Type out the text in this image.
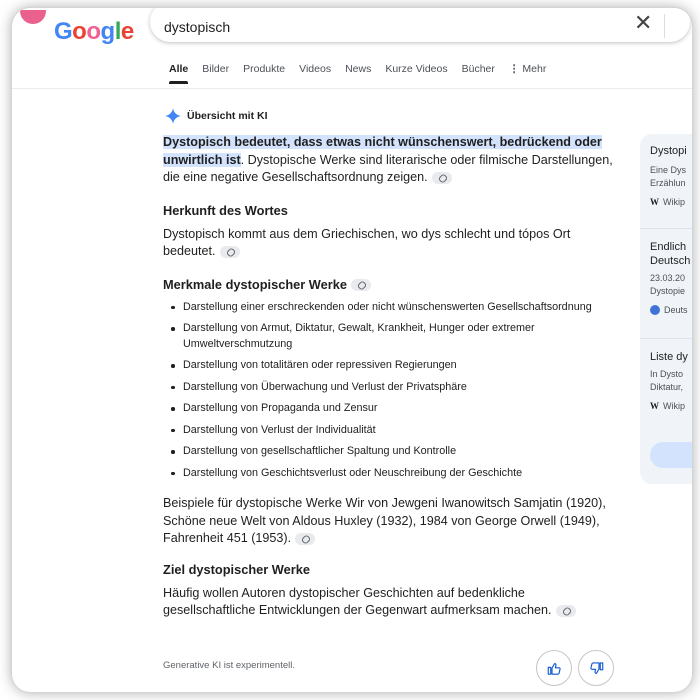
Google
dystopisch	✕
Alle	Bilder	Produkte	Videos	News	Kurze Videos	Bücher	⋮ Mehr
Übersicht mit KI

Dystopisch bedeutet, dass etwas nicht wünschenswert, bedrückend oder unwirtlich ist. Dystopische Werke sind literarische oder filmische Darstellungen, die eine negative Gesellschaftsordnung zeigen.

Herkunft des Wortes

Dystopisch kommt aus dem Griechischen, wo dys schlecht und tópos Ort bedeutet.

Merkmale dystopischer Werke

Darstellung einer erschreckenden oder nicht wünschenswerten Gesellschaftsordnung
Darstellung von Armut, Diktatur, Gewalt, Krankheit, Hunger oder extremer Umweltverschmutzung
Darstellung von totalitären oder repressiven Regierungen
Darstellung von Überwachung und Verlust der Privatsphäre
Darstellung von Propaganda und Zensur
Darstellung von Verlust der Individualität
Darstellung von gesellschaftlicher Spaltung und Kontrolle
Darstellung von Geschichtsverlust oder Neuschreibung der Geschichte

Beispiele für dystopische Werke Wir von Jewgeni Iwanowitsch Samjatin (1920), Schöne neue Welt von Aldous Huxley (1932), 1984 von George Orwell (1949), Fahrenheit 451 (1953).

Ziel dystopischer Werke

Häufig wollen Autoren dystopischer Geschichten auf bedenkliche gesellschaftliche Entwicklungen der Gegenwart aufmerksam machen.

Generative KI ist experimentell.
Dystopi
Eine Dys
Erzählun
W Wikip
Endlich
Deutsch
23.03.20
Dystopie
Deuts
Liste dy
In Dysto
Diktatur,
W Wikip
